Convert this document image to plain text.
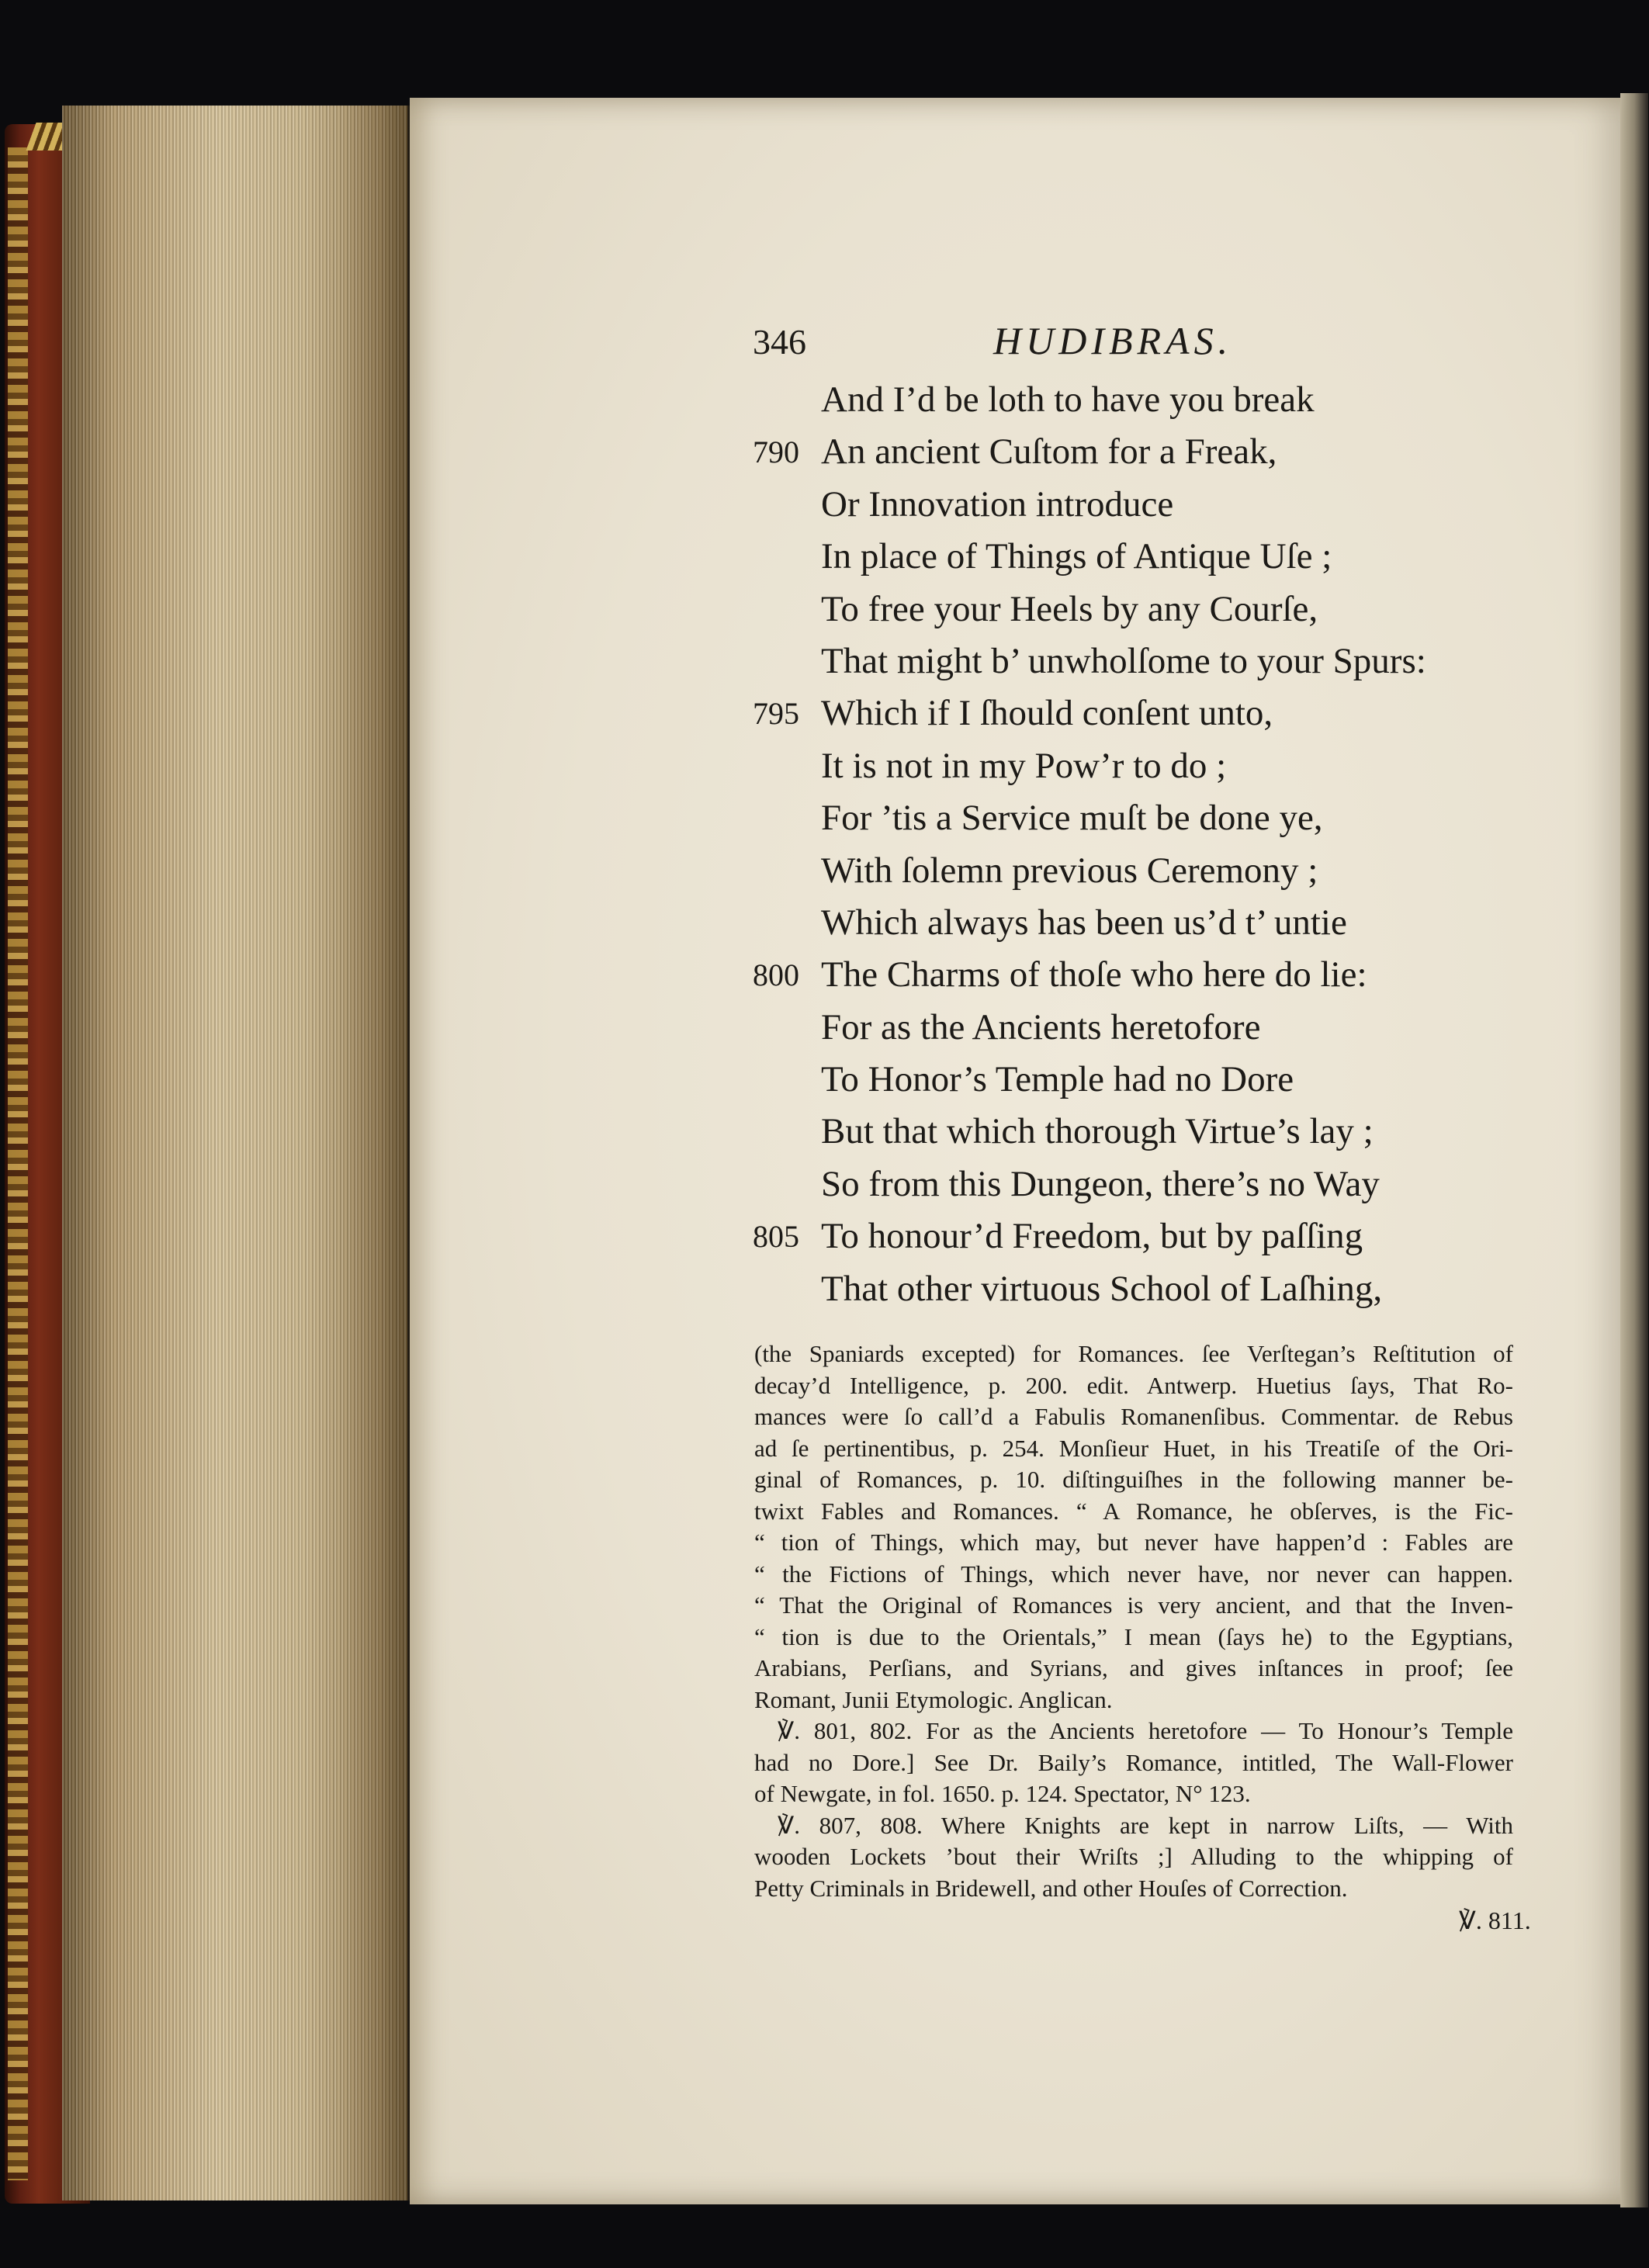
346	HUDIBRAS.
And I’d be loth to have you break
790 An ancient Cuſtom for a Freak,
Or Innovation introduce
In place of Things of Antique Uſe ;
To free your Heels by any Courſe,
That might b’ unwholſome to your Spurs:
795 Which if I ſhould conſent unto,
It is not in my Pow’r to do ;
For ’tis a Service muſt be done ye,
With ſolemn previous Ceremony ;
Which always has been us’d t’ untie
800 The Charms of thoſe who here do lie:
For as the Ancients heretofore
To Honor’s Temple had no Dore
But that which thorough Virtue’s lay ;
So from this Dungeon, there’s no Way
805 To honour’d Freedom, but by paſſing
That other virtuous School of Laſhing,
(the Spaniards excepted) for Romances. ſee Verſtegan’s Reſtitution of
decay’d Intelligence, p. 200. edit. Antwerp. Huetius ſays, That Ro-
mances were ſo call’d a Fabulis Romanenſibus. Commentar. de Rebus
ad ſe pertinentibus, p. 254. Monſieur Huet, in his Treatiſe of the Ori-
ginal of Romances, p. 10. diſtinguiſhes in the following manner be-
twixt Fables and Romances. “ A Romance, he obſerves, is the Fic-
“ tion of Things, which may, but never have happen’d : Fables are
“ the Fictions of Things, which never have, nor never can happen.
“ That the Original of Romances is very ancient, and that the Inven-
“ tion is due to the Orientals,” I mean (ſays he) to the Egyptians,
Arabians, Perſians, and Syrians, and gives inſtances in proof; ſee
Romant, Junii Etymologic. Anglican.
℣. 801, 802. For as the Ancients heretofore — To Honour’s Temple
had no Dore.] See Dr. Baily’s Romance, intitled, The Wall-Flower
of Newgate, in fol. 1650. p. 124. Spectator, N° 123.
℣. 807, 808. Where Knights are kept in narrow Liſts, — With
wooden Lockets ’bout their Wriſts ;] Alluding to the whipping of
Petty Criminals in Bridewell, and other Houſes of Correction.
℣. 811.
